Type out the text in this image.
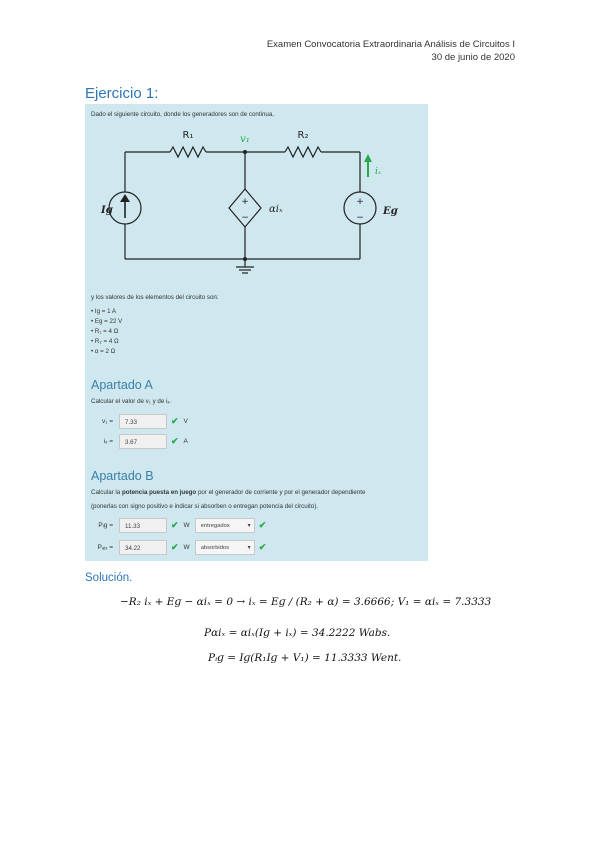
Examen Convocatoria Extraordinaria Análisis de Circuitos I
30 de junio de 2020
Ejercicio 1:
Dado el siguiente circuito, donde los generadores son de continua,
+
−
+
−
R₁	v₁	R₂
Iɡ	αiₓ	Eɡ
iₓ
y los valores de los elementos del circuito son:
• Iɡ = 1 A
• Eɡ = 22 V
• R₁ = 4 Ω
• R₂ = 4 Ω
• α = 2 Ω
Apartado A
Calcular el valor de v₁ y de iₓ.
v₁ =	7.33	✔ V
iₓ =	3.67	✔ A
Apartado B
Calcular la potencia puesta en juego por el generador de corriente y por el generador dependiente
(ponerlas con signo positivo e indicar si absorben o entregan potencia del circuito).
Pᵢɡ =	11.33	✔ W	entregados	▾ ✔
Pₐᵢₓ =	34.22	✔ W	absorbidos	▾ ✔
Solución.
−R₂ iₓ + Eɡ − αiₓ = 0 → iₓ = Eɡ / (R₂ + α) = 3.6666; V₁ = αiₓ = 7.3333
Pαiₓ = αiₓ(Iɡ + iₓ) = 34.2222 Wabs.
Pᵢɡ = Iɡ(R₁Iɡ + V₁) = 11.3333 Went.
